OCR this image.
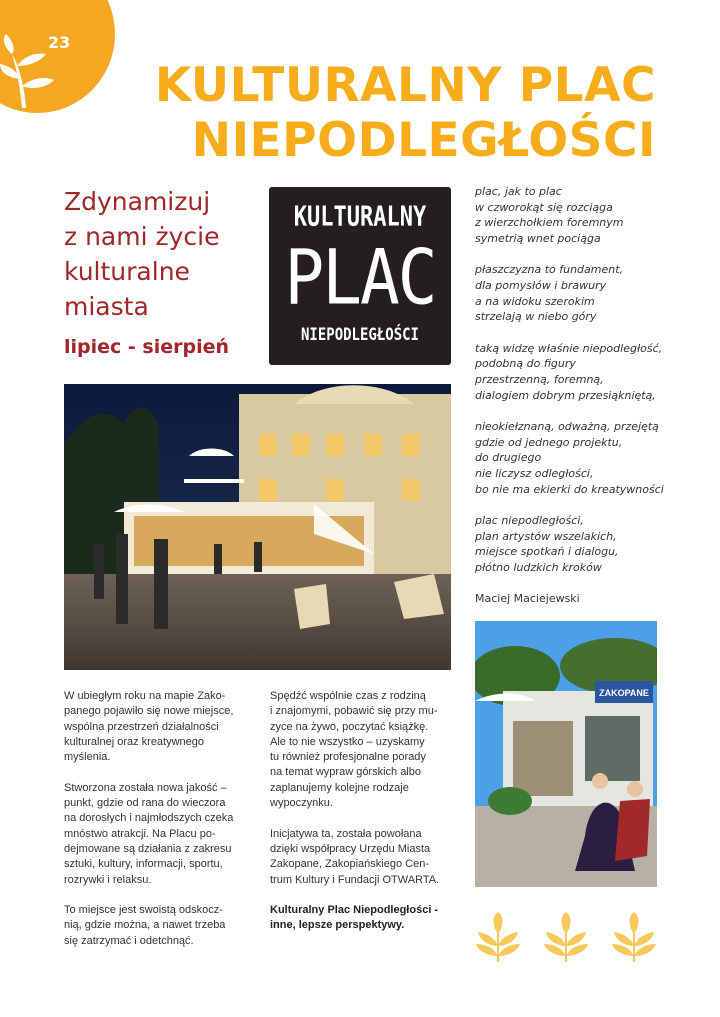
23
KULTURALNY PLAC
NIEPODLEGŁOŚCI
Zdynamizuj
z nami życie
kulturalne
miasta
lipiec - sierpień
KULTURALNY
PLAC
NIEPODLEGŁOŚCI
plac, jak to plac
w czworokąt się rozciąga
z wierzchołkiem foremnym
symetrią wnet pociąga
płaszczyzna to fundament,
dla pomysłów i brawury
a na widoku szerokim
strzelają w niebo góry
taką widzę właśnie niepodległość,
podobną do figury
przestrzenną, foremną,
dialogiem dobrym przesiąkniętą,
nieokiełznaną, odważną, przejętą
gdzie od jednego projektu,
do drugiego
nie liczysz odległości,
bo nie ma ekierki do kreatywności
plac niepodległości,
plan artystów wszelakich,
miejsce spotkań i dialogu,
płótno ludzkich kroków
Maciej Maciejewski
ZAKOPANE
W ubiegłym roku na mapie Zako-
panego pojawiło się nowe miejsce,
wspólna przestrzeń działalności
kulturalnej oraz kreatywnego
myślenia.
Stworzona została nowa jakość –
punkt, gdzie od rana do wieczora
na dorosłych i najmłodszych czeka
mnóstwo atrakcji. Na Placu po-
dejmowane są działania z zakresu
sztuki, kultury, informacji, sportu,
rozrywki i relaksu.
To miejsce jest swoistą odskocz-
nią, gdzie można, a nawet trzeba
się zatrzymać i odetchnąć.
Spędźć wspólnie czas z rodziną
i znajomymi, pobawić się przy mu-
zyce na żywo, poczytać książkę.
Ale to nie wszystko – uzyskamy
tu również profesjonalne porady
na temat wypraw górskich albo
zaplanujemy kolejne rodzaje
wypoczynku.
Inicjatywa ta, została powołana
dzięki współpracy Urzędu Miasta
Zakopane, Zakopiańskiego Cen-
trum Kultury i Fundacji OTWARTA.
Kulturalny Plac Niepodległości -
inne, lepsze perspektywy.
